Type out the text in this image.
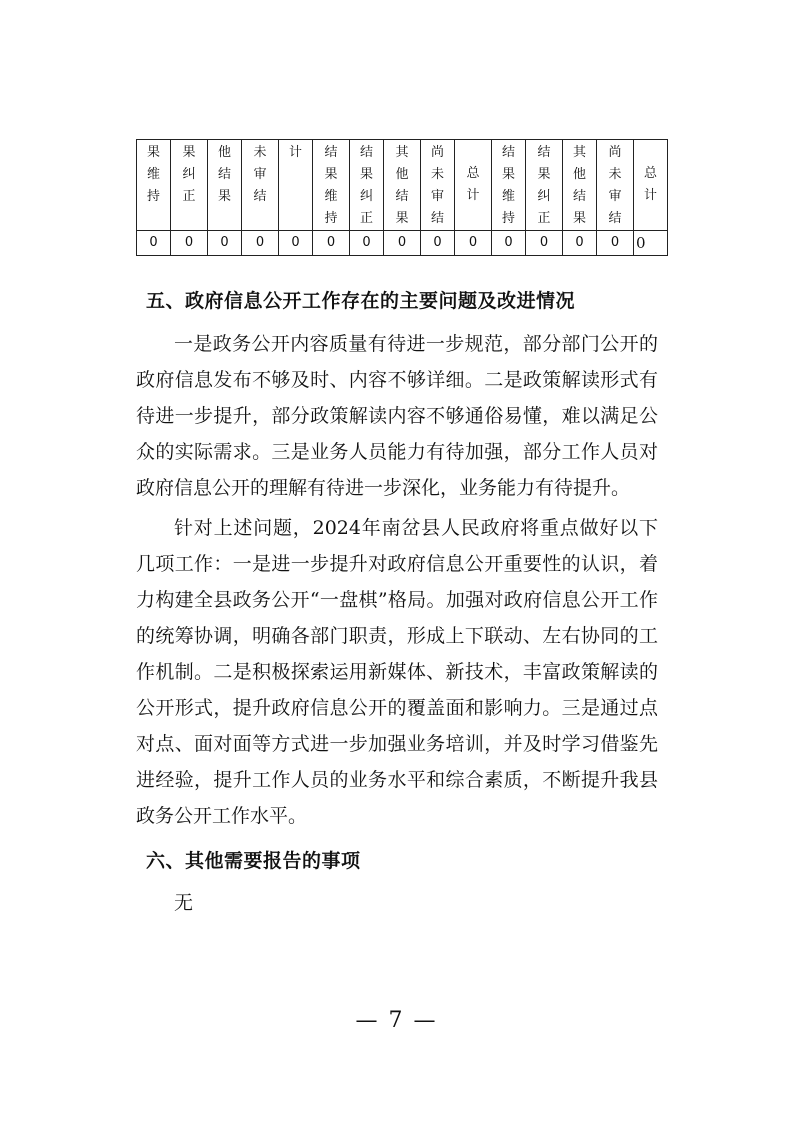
果维持	果纠正	他结果	未审结	计	结果维持	结果纠正	其他结果	尚未审结	总计	结果维持	结果纠正	其他结果	尚未审结	总计
0	0	0	0	0	0	0	0	0	0	0	0	0	0	0
五、政府信息公开工作存在的主要问题及改进情况

一是政务公开内容质量有待进一步规范，部分部门公开的政府信息发布不够及时、内容不够详细。二是政策解读形式有待进一步提升，部分政策解读内容不够通俗易懂，难以满足公众的实际需求。三是业务人员能力有待加强，部分工作人员对政府信息公开的理解有待进一步深化，业务能力有待提升。

针对上述问题，2024年南岔县人民政府将重点做好以下几项工作：一是进一步提升对政府信息公开重要性的认识，着力构建全县政务公开“一盘棋”格局。加强对政府信息公开工作的统筹协调，明确各部门职责，形成上下联动、左右协同的工作机制。二是积极探索运用新媒体、新技术，丰富政策解读的公开形式，提升政府信息公开的覆盖面和影响力。三是通过点对点、面对面等方式进一步加强业务培训，并及时学习借鉴先进经验，提升工作人员的业务水平和综合素质，不断提升我县政务公开工作水平。

六、其他需要报告的事项

无

— 7 —
